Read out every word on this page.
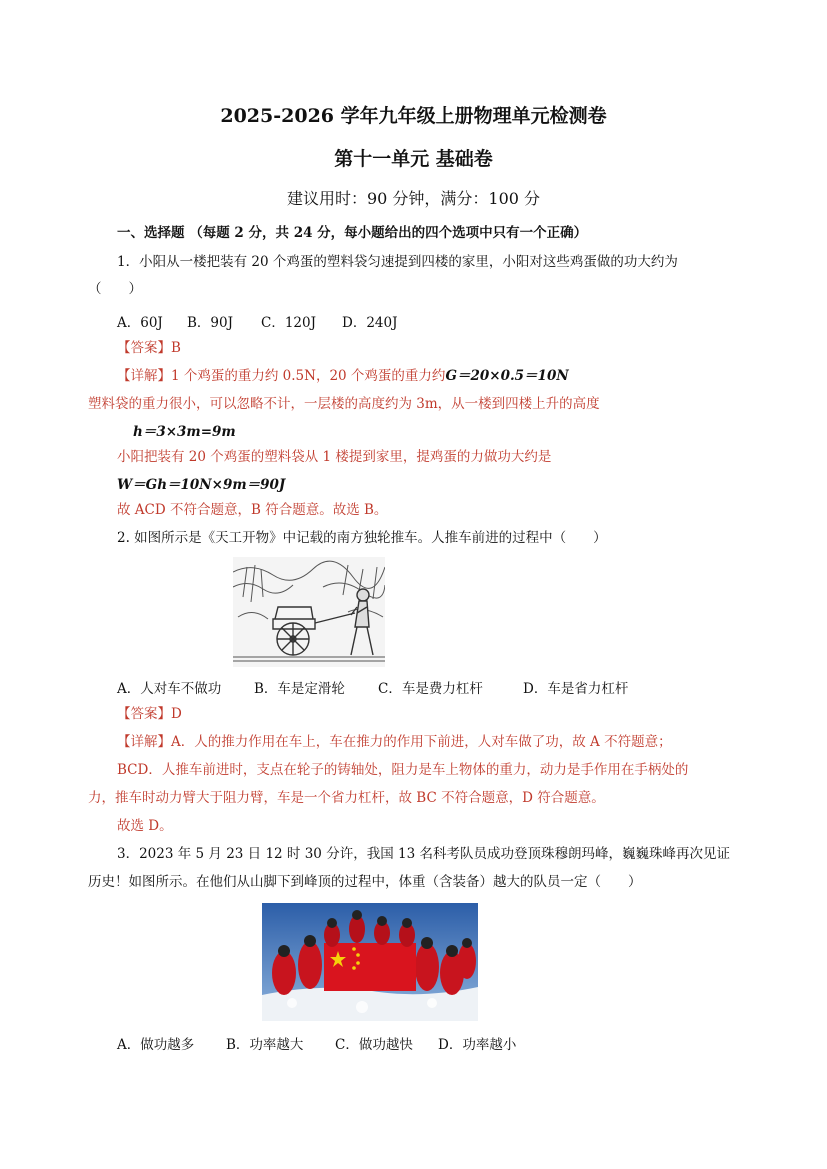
2025-2026 学年九年级上册物理单元检测卷
第十一单元 基础卷
建议用时：90 分钟，满分：100 分
一、选择题 （每题 2 分，共 24 分，每小题给出的四个选项中只有一个正确）
1．小阳从一楼把装有 20 个鸡蛋的塑料袋匀速提到四楼的家里，小阳对这些鸡蛋做的功大约为
（　　）
A．60J B．90J C．120J D．240J
【答案】B
【详解】1 个鸡蛋的重力约 0.5N，20 个鸡蛋的重力约G＝20×0.5＝10N
塑料袋的重力很小，可以忽略不计，一层楼的高度约为 3m，从一楼到四楼上升的高度
h＝3×3m=9m
小阳把装有 20 个鸡蛋的塑料袋从 1 楼提到家里，提鸡蛋的力做功大约是
W＝Gh＝10N×9m＝90J
故 ACD 不符合题意，B 符合题意。故选 B。
2. 如图所示是《天工开物》中记载的南方独轮推车。人推车前进的过程中（　　）
A．人对车不做功 B．车是定滑轮 C．车是费力杠杆	D．车是省力杠杆
【答案】D
【详解】A．人的推力作用在车上，车在推力的作用下前进，人对车做了功，故 A 不符题意；
BCD．人推车前进时，支点在轮子的铸轴处，阻力是车上物体的重力，动力是手作用在手柄处的
力，推车时动力臂大于阻力臂，车是一个省力杠杆，故 BC 不符合题意，D 符合题意。
故选 D。
3．2023 年 5 月 23 日 12 时 30 分许，我国 13 名科考队员成功登顶珠穆朗玛峰，巍巍珠峰再次见证
历史！如图所示。在他们从山脚下到峰顶的过程中，体重（含装备）越大的队员一定（　　）
A．做功越多 B．功率越大 C．做功越快 D．功率越小
